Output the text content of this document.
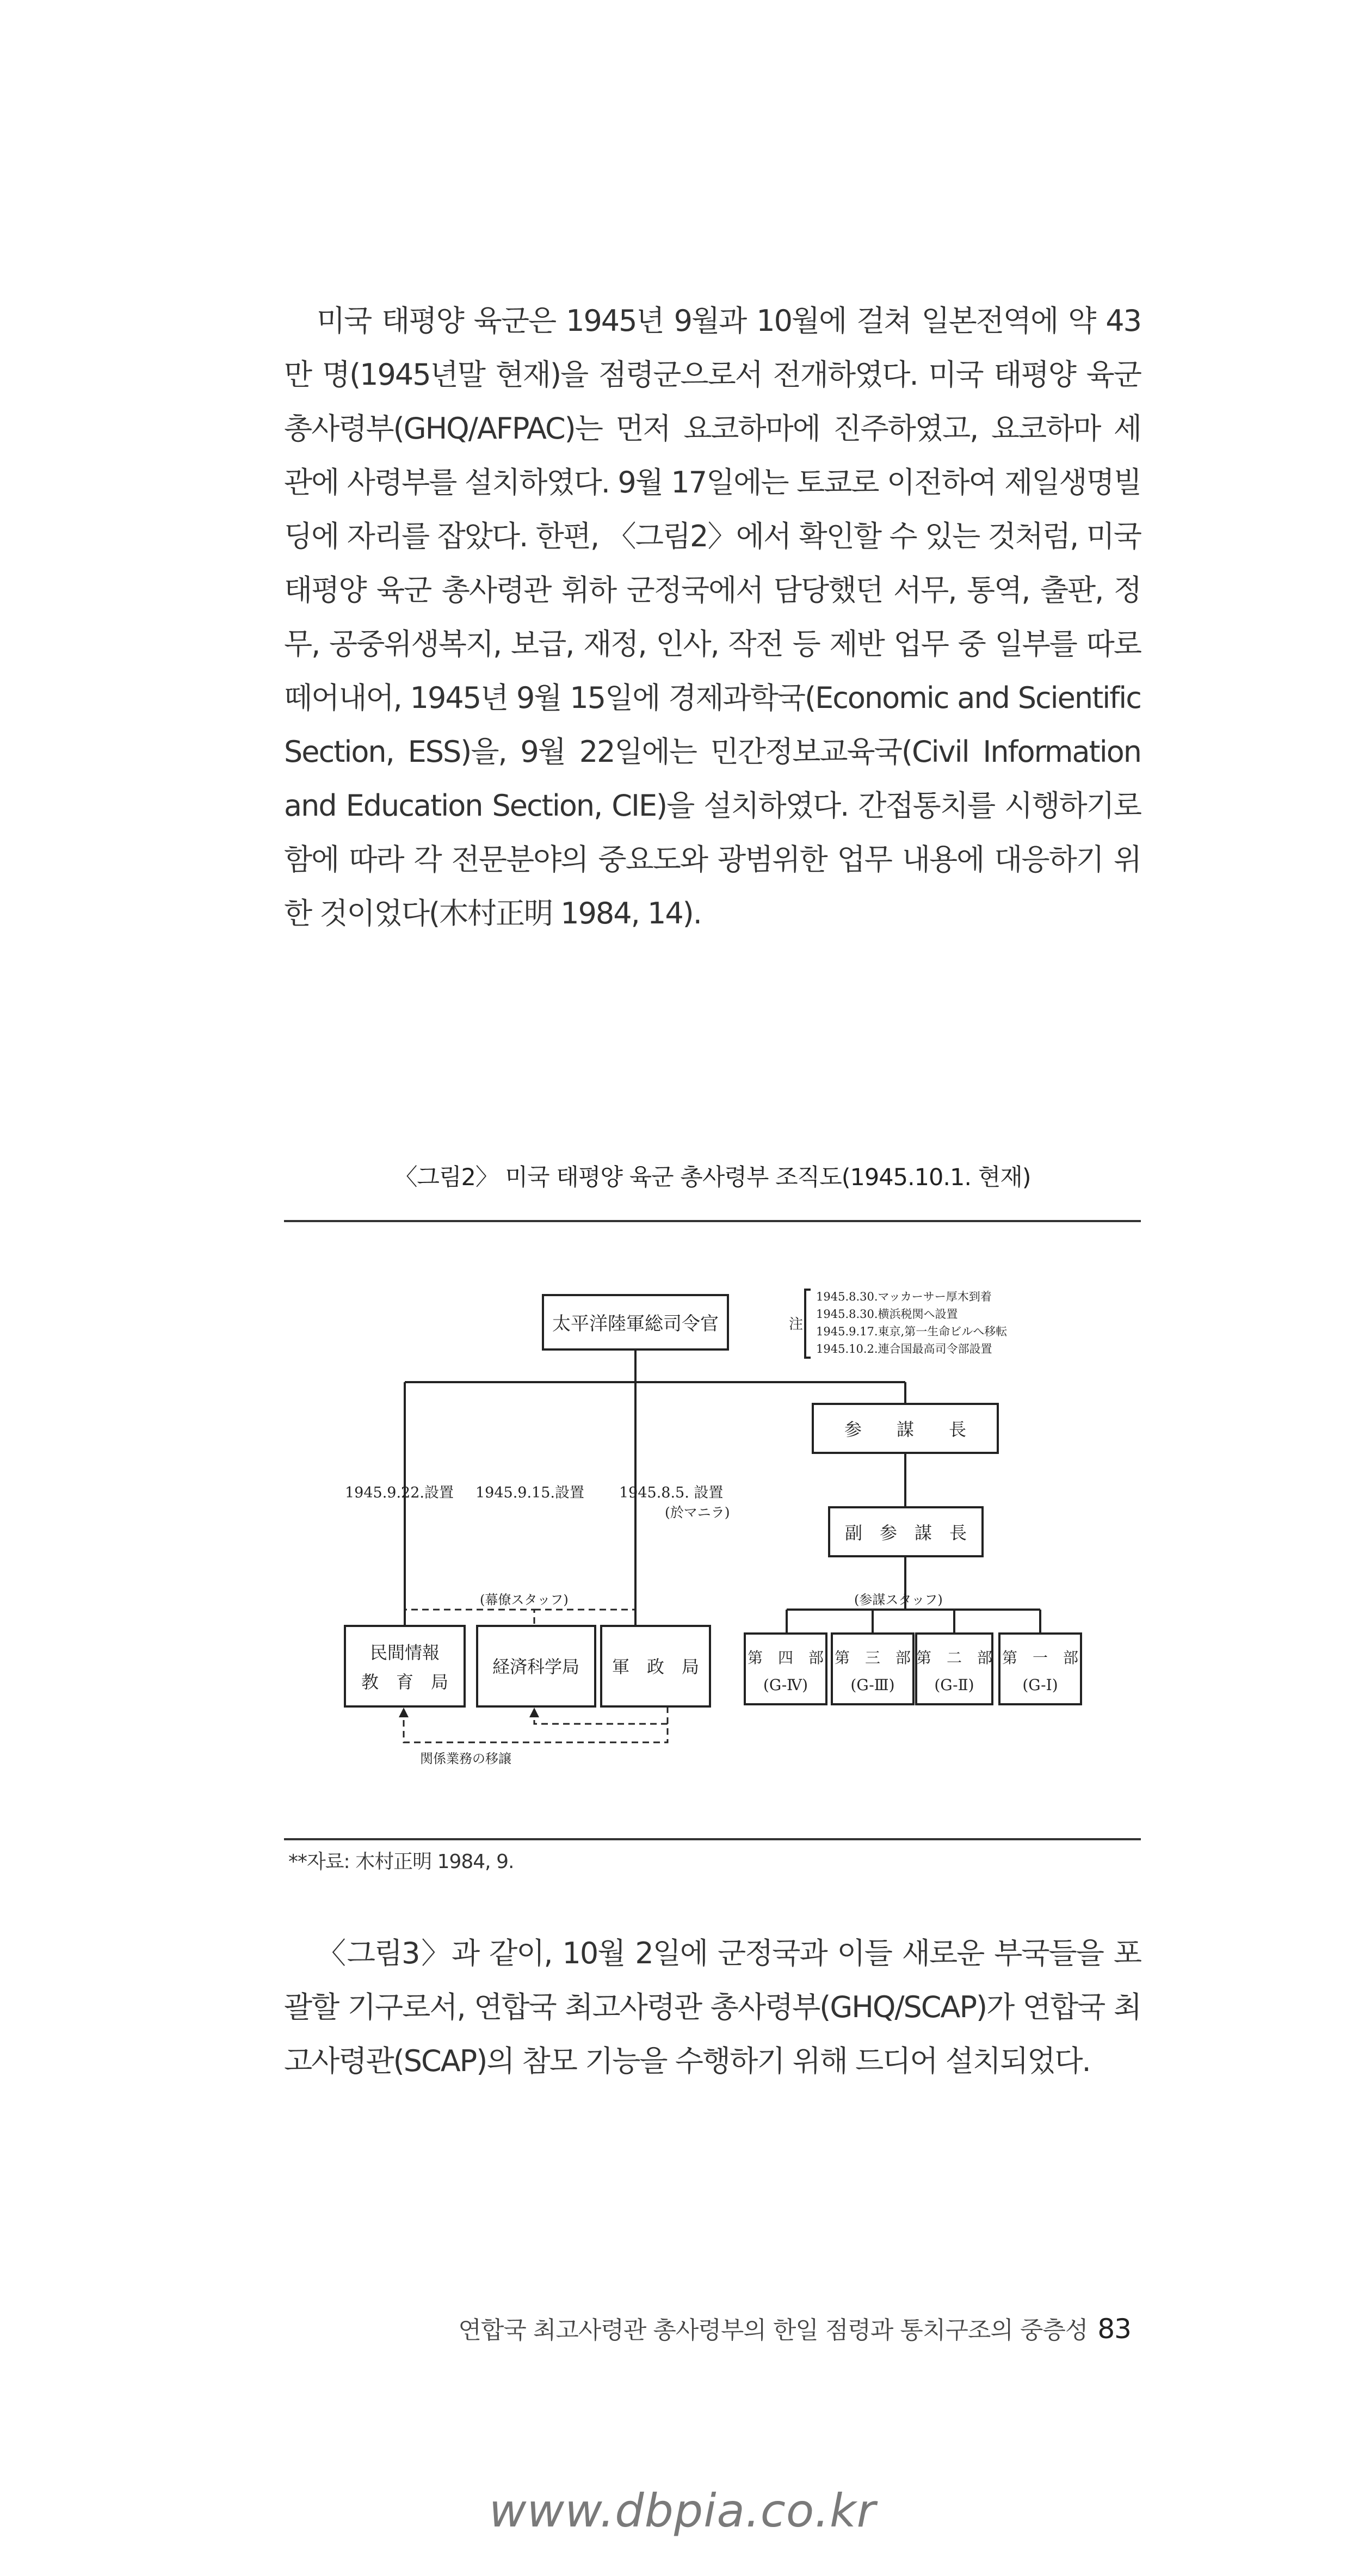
미국 태평양 육군은 1945년 9월과 10월에 걸쳐 일본전역에 약 43만 명(1945년말 현재)을 점령군으로서 전개하였다. 미국 태평양 육군 총사령부(GHQ/AFPAC)는 먼저 요코하마에 진주하였고, 요코하마 세관에 사령부를 설치하였다. 9월 17일에는 토쿄로 이전하여 제일생명빌딩에 자리를 잡았다. 한편, 〈그림2〉에서 확인할 수 있는 것처럼, 미국 태평양 육군 총사령관 휘하 군정국에서 담당했던 서무, 통역, 출판, 정무, 공중위생복지, 보급, 재정, 인사, 작전 등 제반 업무 중 일부를 따로 떼어내어, 1945년 9월 15일에 경제과학국(Economic and Scientific Section, ESS)을, 9월 22일에는 민간정보교육국(Civil Information and Education Section, CIE)을 설치하였다. 간접통치를 시행하기로 함에 따라 각 전문분야의 중요도와 광범위한 업무 내용에 대응하기 위한 것이었다(木村正明 1984, 14).
〈그림2〉 미국 태평양 육군 총사령부 조직도(1945.10.1. 현재)
太平洋陸軍総司令官
参　　謀　　長
副　参　謀　長
民間情報
教　育　局
経済科学局 軍　政　局	第　四　部
(G-Ⅳ)
第　三　部
(G-Ⅲ)
第　二　部
(G-Ⅱ)
第　一　部
(G-Ⅰ)
注
1945.8.30.マッカーサー厚木到着
1945.8.30.横浜税関へ設置
1945.9.17.東京,第一生命ビルへ移転
1945.10.2.連合国最高司令部設置
1945.9.22.設置 1945.9.15.設置 1945.8.5. 設置
(於マニラ)
(幕僚スタッフ)	(参謀スタッフ)
関係業務の移譲
**자료: 木村正明 1984, 9.
〈그림3〉과 같이, 10월 2일에 군정국과 이들 새로운 부국들을 포괄할 기구로서, 연합국 최고사령관 총사령부(GHQ/SCAP)가 연합국 최고사령관(SCAP)의 참모 기능을 수행하기 위해 드디어 설치되었다.
연합국 최고사령관 총사령부의 한일 점령과 통치구조의 중층성 83
www.dbpia.co.kr
